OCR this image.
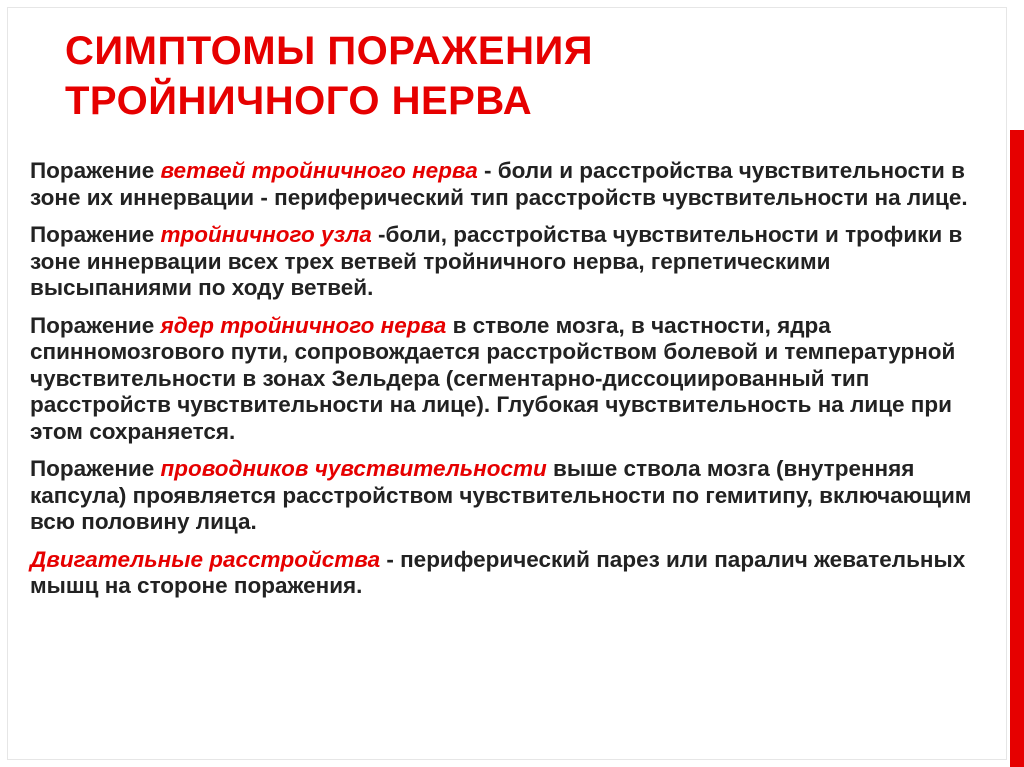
СИМПТОМЫ ПОРАЖЕНИЯ
ТРОЙНИЧНОГО НЕРВА

Поражение ветвей тройничного нерва - боли и расстройства чувствительности в зоне их иннервации - периферический тип расстройств чувствительности на лице.

Поражение тройничного узла -боли, расстройства чувствительности и трофики в зоне иннервации всех трех ветвей тройничного нерва, герпетическими высыпаниями по ходу ветвей.

Поражение ядер тройничного нерва в стволе мозга, в частности, ядра спинномозгового пути, сопровождается расстройством болевой и температурной чувствительности в зонах Зельдера (сегментарно-диссоциированный тип расстройств чувствительности на лице). Глубокая чувствительность на лице при этом сохраняется.

Поражение проводников чувствительности выше ствола мозга (внутренняя капсула) проявляется расстройством чувствительности по гемитипу, включающим всю половину лица.

Двигательные расстройства - периферический парез или паралич жевательных мышц на стороне поражения.
